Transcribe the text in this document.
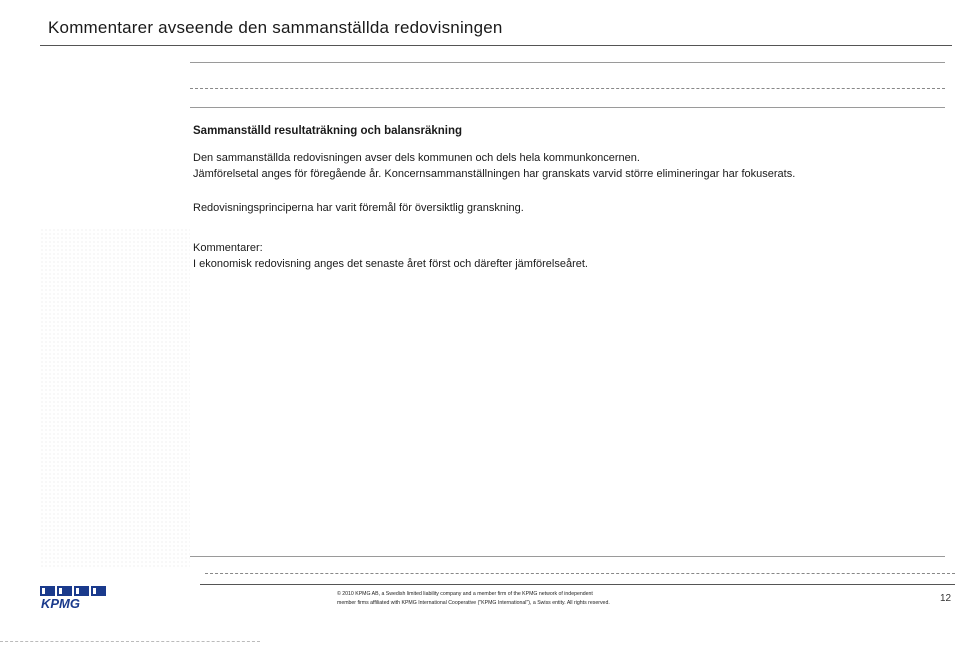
Kommentarer avseende den sammanställda redovisningen
Sammanställd resultaträkning och balansräkning

Den sammanställda redovisningen avser dels kommunen och dels hela kommunkoncernen.

Jämförelsetal anges för föregående år. Koncernsammanställningen har granskats varvid större elimineringar har fokuserats.

Redovisningsprinciperna har varit föremål för översiktlig granskning.

Kommentarer:

I ekonomisk redovisning anges det senaste året först och därefter jämförelseåret.

KPMG
© 2010 KPMG AB, a Swedish limited liability company and a member firm of the KPMG network of independent
member firms affiliated with KPMG International Cooperative ("KPMG International"), a Swiss entity. All rights reserved.	12
